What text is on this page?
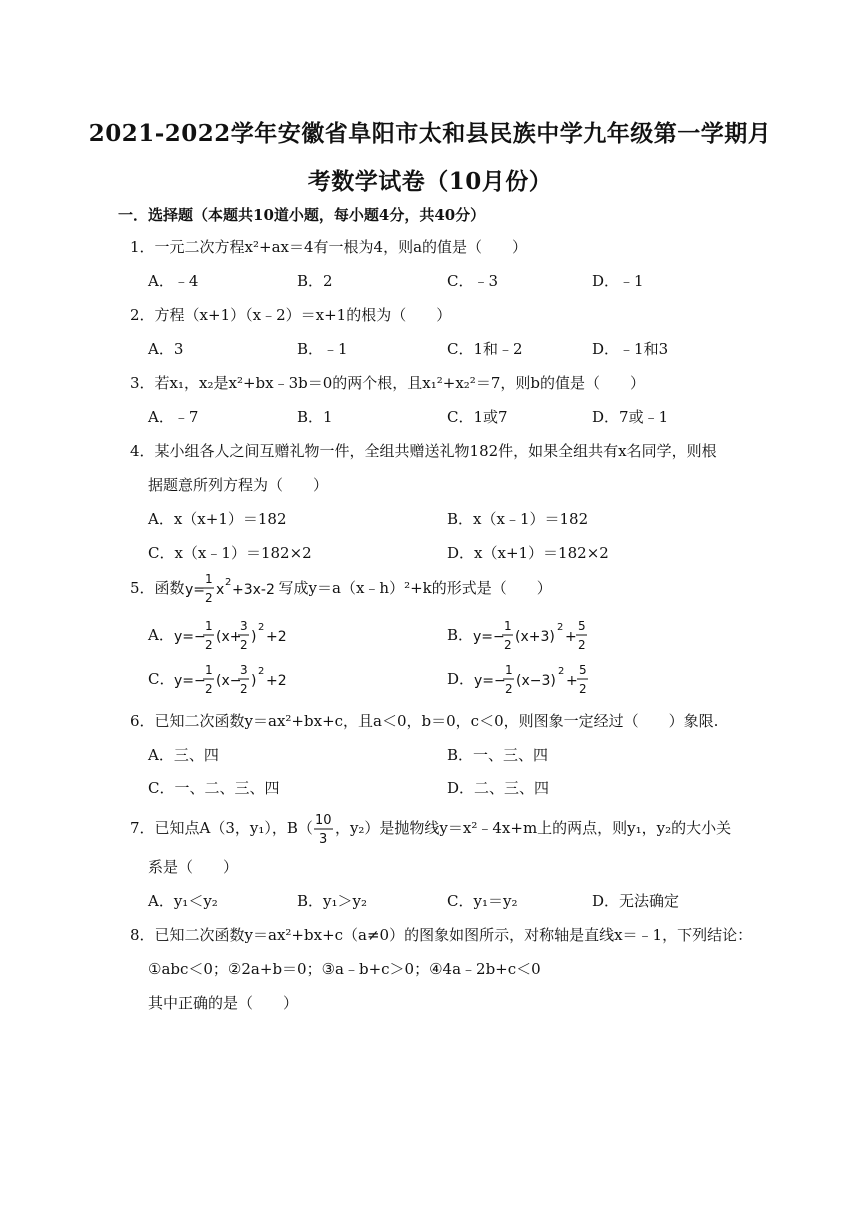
2021-2022学年安徽省阜阳市太和县民族中学九年级第一学期月
考数学试卷（10月份）
一．选择题（本题共10道小题，每小题4分，共40分）
1．一元二次方程x²+ax＝4有一根为4，则a的值是（　　）
A．﹣4	B．2	C．﹣3	D．﹣1
2．方程（x+1）（x﹣2）＝x+1的根为（　　）
A．3	B．﹣1	C．1和﹣2	D．﹣1和3
3．若x₁，x₂是x²+bx﹣3b＝0的两个根，且x₁²+x₂²＝7，则b的值是（　　）
A．﹣7	B．1	C．1或7	D．7或﹣1
4．某小组各人之间互赠礼物一件，全组共赠送礼物182件，如果全组共有x名同学，则根
据题意所列方程为（　　）
A．x（x+1）＝182	B．x（x﹣1）＝182
C．x（x﹣1）＝182×2	D．x（x+1）＝182×2
5．函数 y=
1
2 x 2 +3x-2 写成y＝a（x﹣h）²+k的形式是（　　）
A． y=−
1
2 (x+
3
2 )
2
+2	B． y=−
1
2 (x+3)
2
+
5
2
C． y=−
1
2 (x−
3
2 )
2
+2	D． y=−
1
2 (x−3)
2
+
5
2
6．已知二次函数y＝ax²+bx+c，且a＜0，b＝0，c＜0，则图象一定经过（　　）象限.
A．三、四	B．一、三、四
C．一、二、三、四	D．二、三、四
7．已知点A（3，y₁），B（ 10
3
，y₂）是抛物线y＝x²﹣4x+m上的两点，则y₁，y₂的大小关
系是（　　）
A．y₁＜y₂	B．y₁＞y₂	C．y₁＝y₂	D．无法确定
8．已知二次函数y＝ax²+bx+c（a≠0）的图象如图所示，对称轴是直线x＝﹣1，下列结论：
①abc＜0；②2a+b＝0；③a﹣b+c＞0；④4a﹣2b+c＜0
其中正确的是（　　）
